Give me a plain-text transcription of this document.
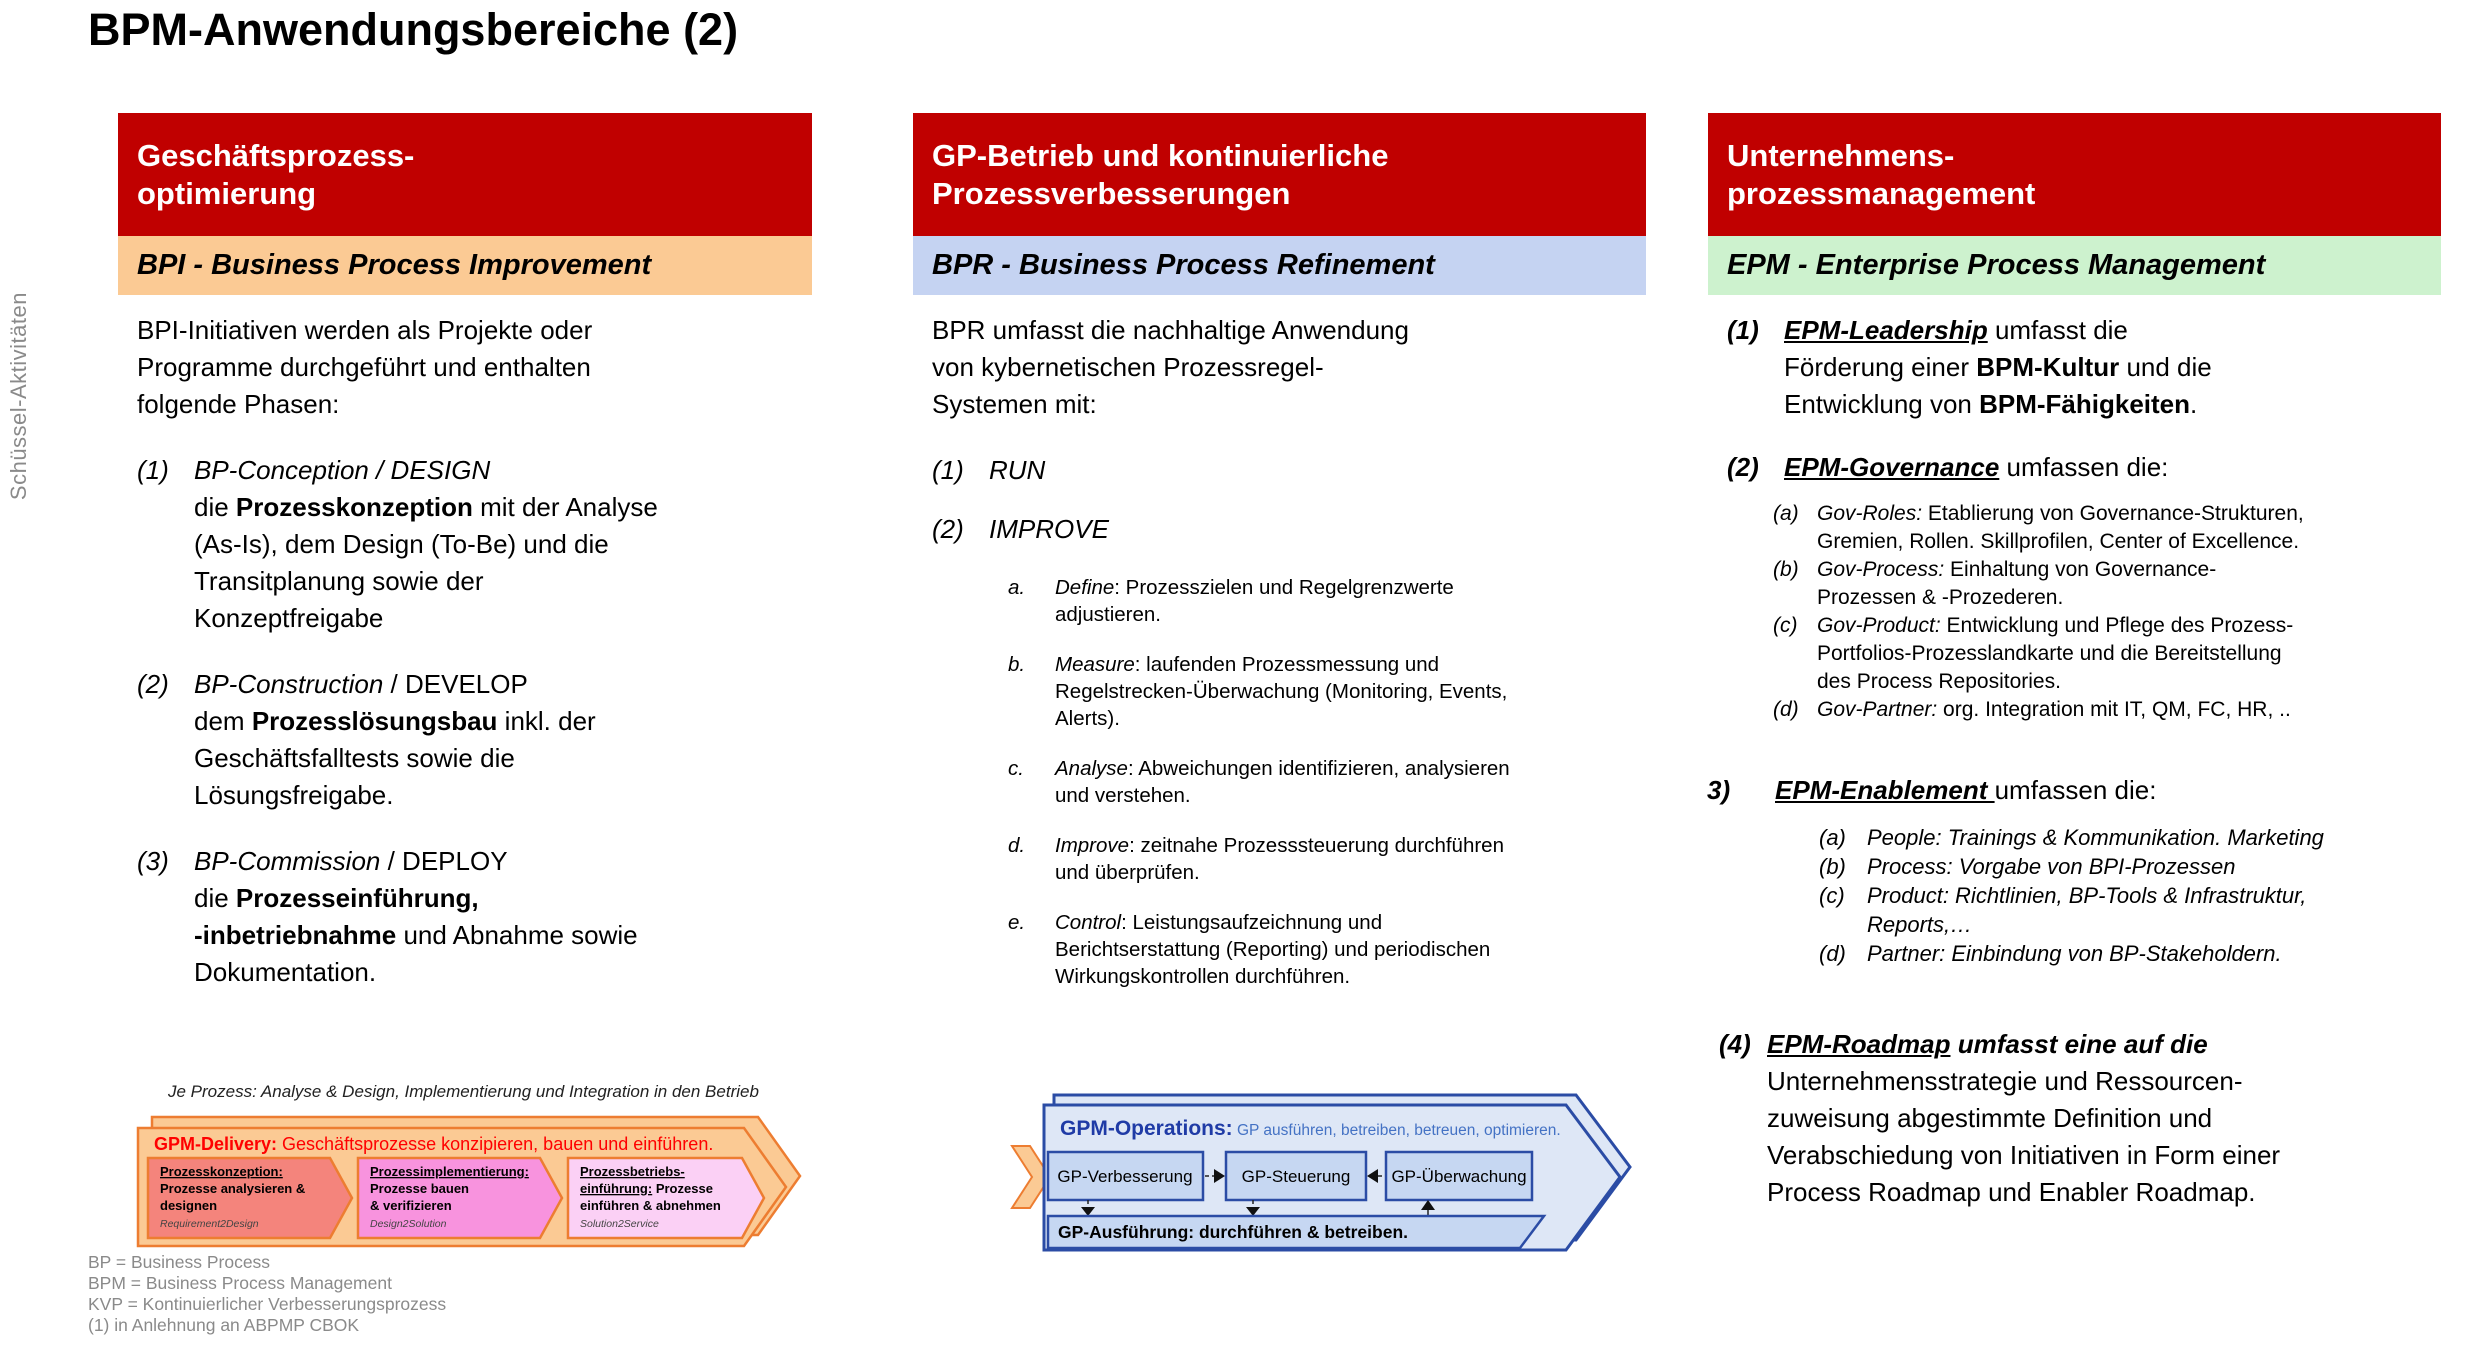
BPM-Anwendungsbereiche (2)
Schüssel-Aktivitäten
Geschäftsprozess-
optimierung
BPI - Business Process Improvement

BPI-Initiativen werden als Projekte oder
Programme durchgeführt und enthalten
folgende Phasen:

(1) BP-Conception / DESIGN
die Prozesskonzeption mit der Analyse
(As-Is), dem Design (To-Be) und die
Transitplanung sowie der
Konzeptfreigabe
(2) BP-Construction / DEVELOP
dem Prozesslösungsbau inkl. der
Geschäftsfalltests sowie die
Lösungsfreigabe.
(3) BP-Commission / DEPLOY
die Prozesseinführung,
-inbetriebnahme und Abnahme sowie
Dokumentation.
Je Prozess: Analyse & Design, Implementierung und Integration in den Betrieb
GPM-Delivery: Geschäftsprozesse konzipieren, bauen und einführen.
Prozesskonzeption:
Prozesse analysieren &
designen
Requirement2Design
Prozessimplementierung:
Prozesse bauen
& verifizieren
Design2Solution
Prozessbetriebs-
einführung: Prozesse
einführen & abnehmen
Solution2Service
GP-Betrieb und kontinuierliche
Prozessverbesserungen
BPR - Business Process Refinement

BPR umfasst die nachhaltige Anwendung
von kybernetischen Prozessregel-
Systemen mit:

(1) RUN
(2) IMPROVE
a. Define: Prozesszielen und Regelgrenzwerte
adjustieren.
b. Measure: laufenden Prozessmessung und
Regelstrecken-Überwachung (Monitoring, Events,
Alerts).
c. Analyse: Abweichungen identifizieren, analysieren
und verstehen.
d. Improve: zeitnahe Prozesssteuerung durchführen
und überprüfen.
e. Control: Leistungsaufzeichnung und
Berichtserstattung (Reporting) und periodischen
Wirkungskontrollen durchführen.
GPM-Operations: GP ausführen, betreiben, betreuen, optimieren.
GP-Verbesserung	GP-Steuerung GP-Überwachung
GP-Ausführung: durchführen & betreiben.
Unternehmens-
prozessmanagement
EPM - Enterprise Process Management
(1) EPM-Leadership umfasst die
Förderung einer BPM-Kultur und die
Entwicklung von BPM-Fähigkeiten.
(2) EPM-Governance umfassen die:
(a) Gov-Roles: Etablierung von Governance-Strukturen,
Gremien, Rollen. Skillprofilen, Center of Excellence.
(b) Gov-Process: Einhaltung von Governance-
Prozessen & -Prozederen.
(c) Gov-Product: Entwicklung und Pflege des Prozess-
Portfolios-Prozesslandkarte und die Bereitstellung
des Process Repositories.
(d) Gov-Partner: org. Integration mit IT, QM, FC, HR, ..
3) EPM-Enablement umfassen die:
(a) People: Trainings & Kommunikation. Marketing
(b) Process: Vorgabe von BPI-Prozessen
(c) Product: Richtlinien, BP-Tools & Infrastruktur,
Reports,…
(d) Partner: Einbindung von BP-Stakeholdern.
(4) EPM-Roadmap umfasst eine auf die
Unternehmensstrategie und Ressourcen-
zuweisung abgestimmte Definition und
Verabschiedung von Initiativen in Form einer
Process Roadmap und Enabler Roadmap.
BP = Business Process
BPM = Business Process Management
KVP = Kontinuierlicher Verbesserungsprozess
(1) in Anlehnung an ABPMP CBOK
